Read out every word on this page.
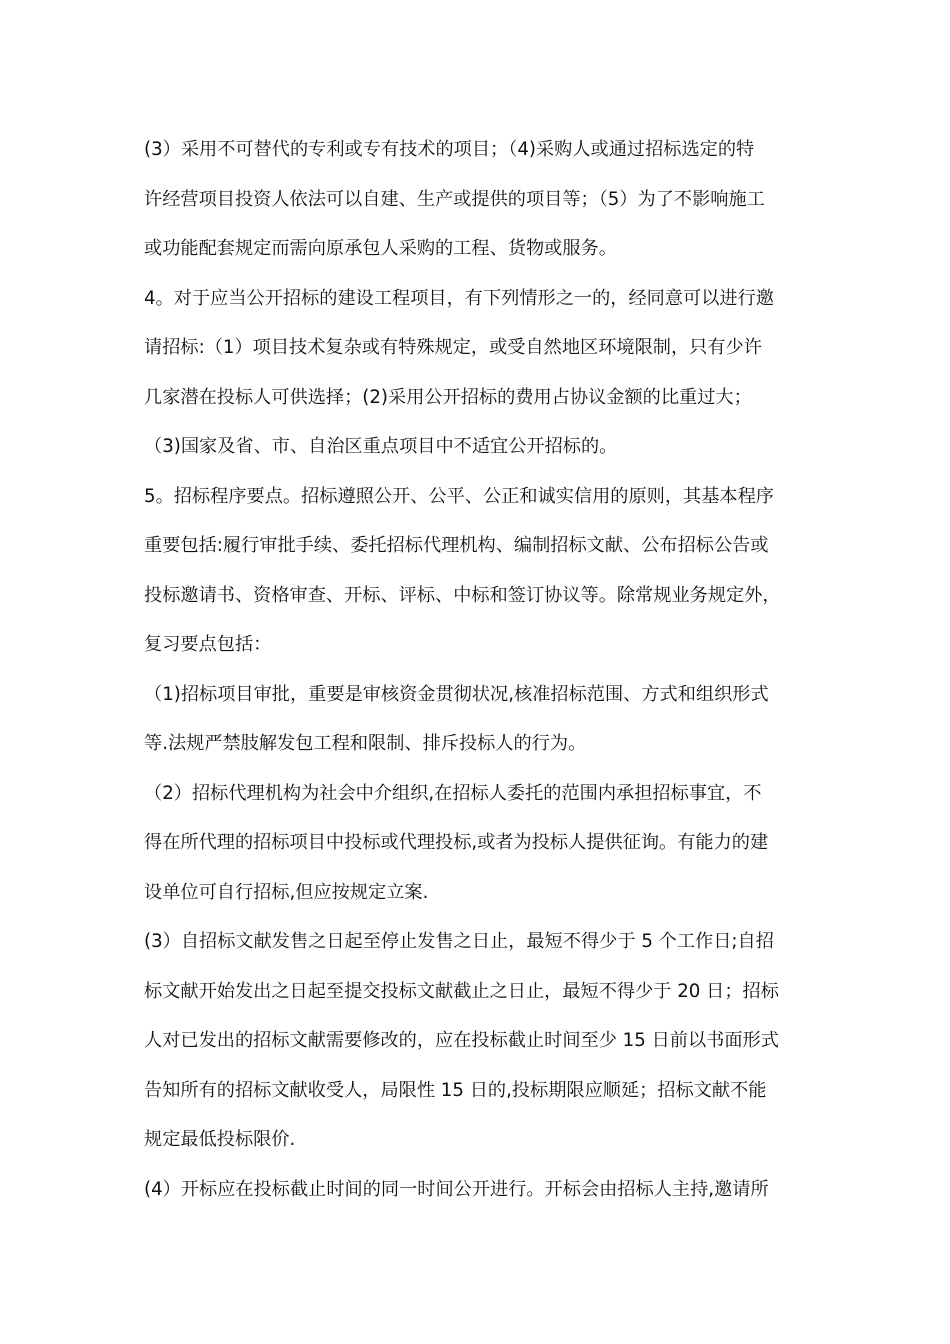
(3）采用不可替代的专利或专有技术的项目；（4)采购人或通过招标选定的特
许经营项目投资人依法可以自建、生产或提供的项目等；（5）为了不影响施工
或功能配套规定而需向原承包人采购的工程、货物或服务。
4。对于应当公开招标的建设工程项目，有下列情形之一的，经同意可以进行邀
请招标:（1）项目技术复杂或有特殊规定，或受自然地区环境限制，只有少许
几家潜在投标人可供选择；(2)采用公开招标的费用占协议金额的比重过大；
（3)国家及省、市、自治区重点项目中不适宜公开招标的。
5。招标程序要点。招标遵照公开、公平、公正和诚实信用的原则，其基本程序
重要包括:履行审批手续、委托招标代理机构、编制招标文献、公布招标公告或
投标邀请书、资格审查、开标、评标、中标和签订协议等。除常规业务规定外，
复习要点包括：
（1)招标项目审批，重要是审核资金贯彻状况,核准招标范围、方式和组织形式
等.法规严禁肢解发包工程和限制、排斥投标人的行为。
（2）招标代理机构为社会中介组织,在招标人委托的范围内承担招标事宜，不
得在所代理的招标项目中投标或代理投标,或者为投标人提供征询。有能力的建
设单位可自行招标,但应按规定立案.
(3）自招标文献发售之日起至停止发售之日止，最短不得少于 5 个工作日;自招
标文献开始发出之日起至提交投标文献截止之日止，最短不得少于 20 日；招标
人对已发出的招标文献需要修改的，应在投标截止时间至少 15 日前以书面形式
告知所有的招标文献收受人，局限性 15 日的,投标期限应顺延；招标文献不能
规定最低投标限价.
(4）开标应在投标截止时间的同一时间公开进行。开标会由招标人主持,邀请所
